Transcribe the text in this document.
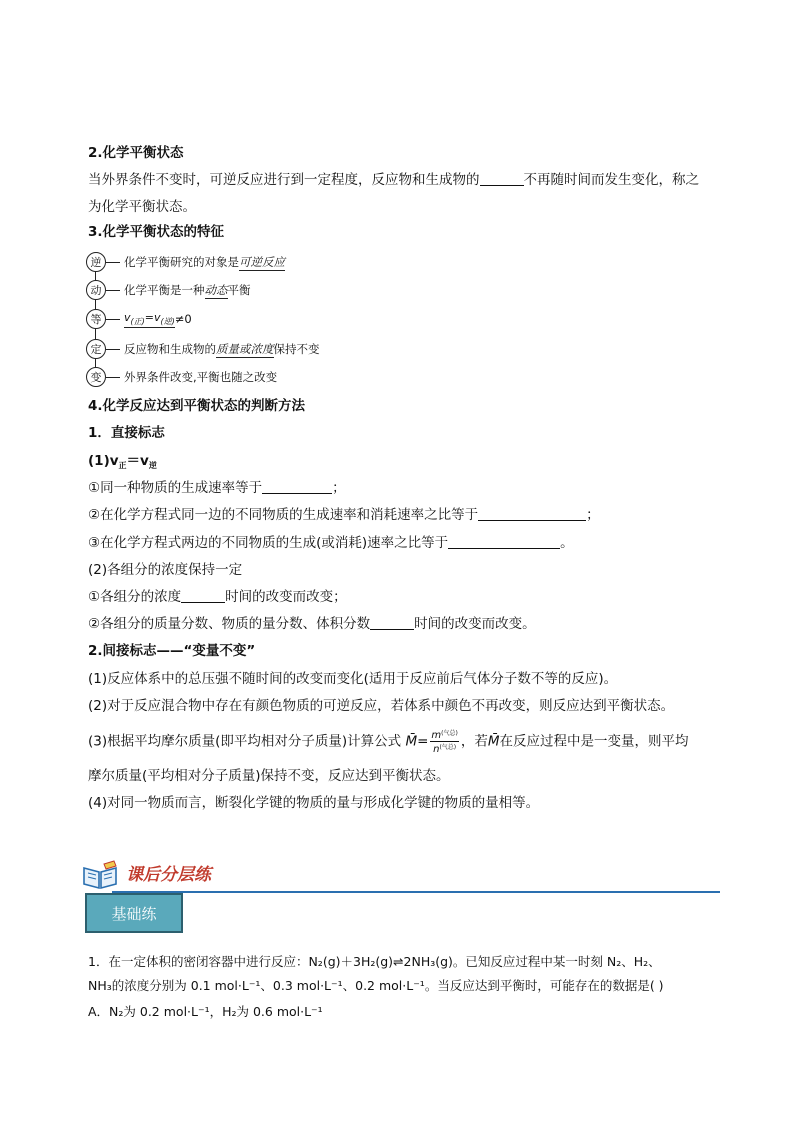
2.化学平衡状态
当外界条件不变时，可逆反应进行到一定程度，反应物和生成物的	不再随时间而发生变化，称之
为化学平衡状态。
3.化学平衡状态的特征
逆	化学平衡研究的对象是 可逆反应
动	化学平衡是一种 动态 平衡
等	$v_{(正)}=v_{(逆)} \ne 0$
定	反应物和生成物的 质量或浓度 保持不变
变	外界条件改变,平衡也随之改变
4.化学反应达到平衡状态的判断方法
1．直接标志
$(1)v_正=v_逆$
①同一种物质的生成速率等于	；
②在化学方程式同一边的不同物质的生成速率和消耗速率之比等于	；
③在化学方程式两边的不同物质的生成(或消耗)速率之比等于	。
(2)各组分的浓度保持一定
①各组分的浓度	时间的改变而改变；
②各组分的质量分数、物质的量分数、体积分数	时间的改变而改变。
2.间接标志——“变量不变”
(1)反应体系中的总压强不随时间的改变而变化(适用于反应前后气体分子数不等的反应)。
(2)对于反应混合物中存在有颜色物质的可逆反应，若体系中颜色不再改变，则反应达到平衡状态。
(3)根据平均摩尔质量(即平均相对分子质量)计算公式 M̄= $\frac{m^{(气总)}}{n^{(气总)}}$ ，若M̄在反应过程中是一变量，则平均
摩尔质量(平均相对分子质量)保持不变，反应达到平衡状态。
(4)对同一物质而言，断裂化学键的物质的量与形成化学键的物质的量相等。
课后分层练
基础练
1．在一定体积的密闭容器中进行反应：N₂(g)＋3H₂(g)⇌2NH₃(g)。已知反应过程中某一时刻 N₂、H₂、
NH₃的浓度分别为 0.1 mol·L⁻¹、0.3 mol·L⁻¹、0.2 mol·L⁻¹。当反应达到平衡时，可能存在的数据是( )
A．N₂为 0.2 mol·L⁻¹，H₂为 0.6 mol·L⁻¹
